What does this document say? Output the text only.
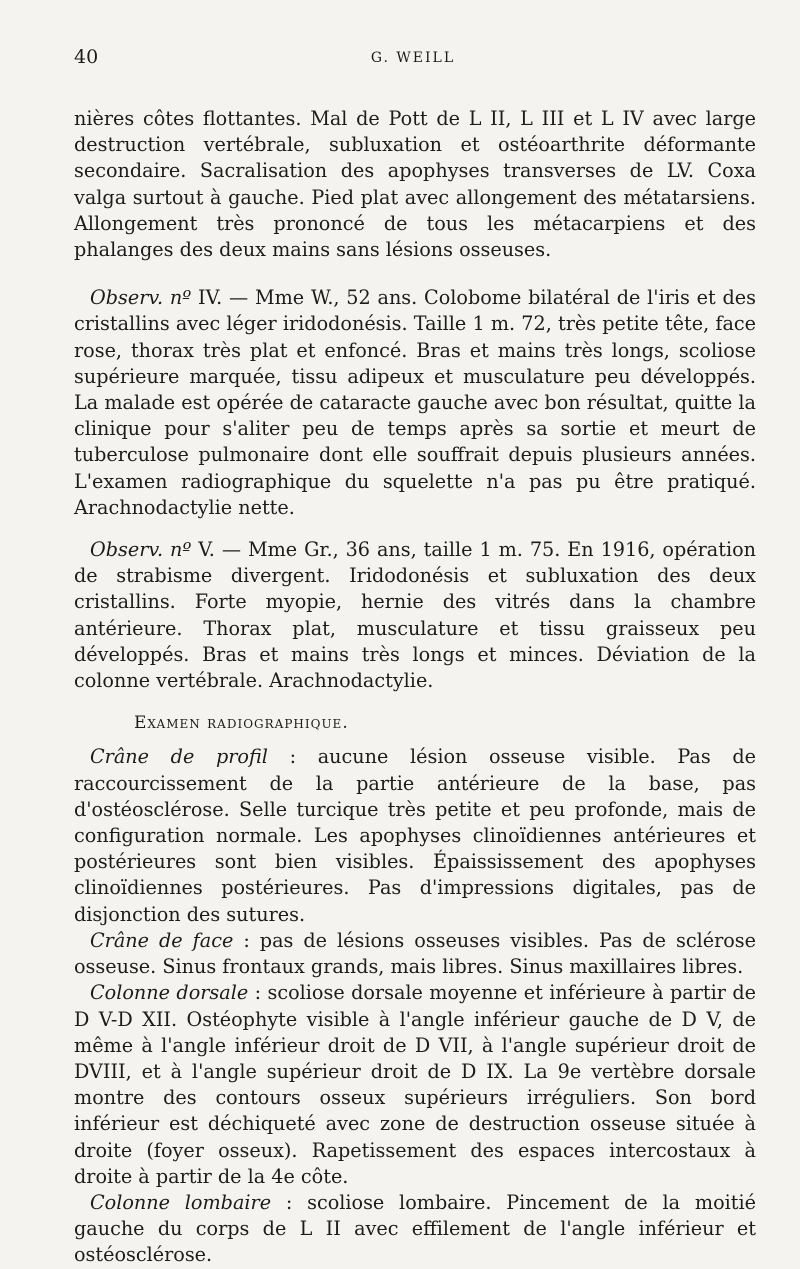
40	G. WEILL

nières côtes flottantes. Mal de Pott de L II, L III et L IV avec large destruction vertébrale, subluxation et ostéoarthrite déformante secondaire. Sacralisation des apophyses transverses de LV. Coxa valga surtout à gauche. Pied plat avec allongement des métatarsiens. Allongement très prononcé de tous les métacarpiens et des phalanges des deux mains sans lésions osseuses.

Observ. nº IV. — Mme W., 52 ans. Colobome bilatéral de l'iris et des cristallins avec léger iridodonésis. Taille 1 m. 72, très petite tête, face rose, thorax très plat et enfoncé. Bras et mains très longs, scoliose supérieure marquée, tissu adipeux et musculature peu développés. La malade est opérée de cataracte gauche avec bon résultat, quitte la clinique pour s'aliter peu de temps après sa sortie et meurt de tuberculose pulmonaire dont elle souffrait depuis plusieurs années. L'examen radiographique du squelette n'a pas pu être pratiqué. Arachnodactylie nette.

Observ. nº V. — Mme Gr., 36 ans, taille 1 m. 75. En 1916, opération de strabisme divergent. Iridodonésis et subluxation des deux cristallins. Forte myopie, hernie des vitrés dans la chambre antérieure. Thorax plat, musculature et tissu graisseux peu développés. Bras et mains très longs et minces. Déviation de la colonne vertébrale. Arachnodactylie.

Examen radiographique.

Crâne de profil : aucune lésion osseuse visible. Pas de raccourcissement de la partie antérieure de la base, pas d'ostéosclérose. Selle turcique très petite et peu profonde, mais de configuration normale. Les apophyses clinoïdiennes antérieures et postérieures sont bien visibles. Épaississement des apophyses clinoïdiennes postérieures. Pas d'impressions digitales, pas de disjonction des sutures.

Crâne de face : pas de lésions osseuses visibles. Pas de sclérose osseuse. Sinus frontaux grands, mais libres. Sinus maxillaires libres.

Colonne dorsale : scoliose dorsale moyenne et inférieure à partir de D V-D XII. Ostéophyte visible à l'angle inférieur gauche de D V, de même à l'angle inférieur droit de D VII, à l'angle supérieur droit de DVIII, et à l'angle supérieur droit de D IX. La 9e vertèbre dorsale montre des contours osseux supérieurs irréguliers. Son bord inférieur est déchiqueté avec zone de destruction osseuse située à droite (foyer osseux). Rapetissement des espaces intercostaux à droite à partir de la 4e côte.

Colonne lombaire : scoliose lombaire. Pincement de la moitié gauche du corps de L II avec effilement de l'angle inférieur et ostéosclérose.
